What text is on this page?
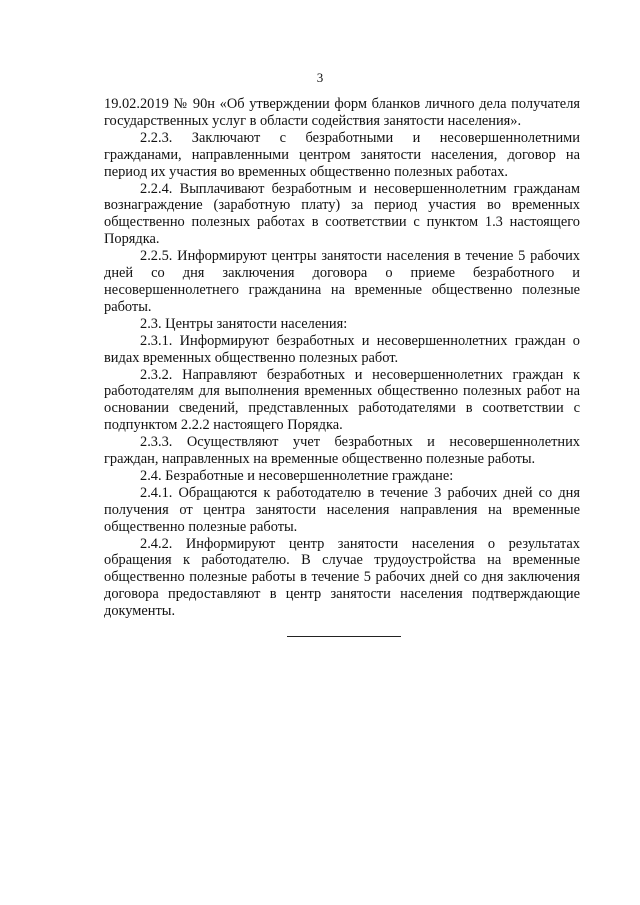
3

19.02.2019 № 90н «Об утверждении форм бланков личного дела получателя государственных услуг в области содействия занятости населения».

2.2.3. Заключают с безработными и несовершеннолетними гражданами, направленными центром занятости населения, договор на период их участия во временных общественно полезных работах.

2.2.4. Выплачивают безработным и несовершеннолетним гражданам вознаграждение (заработную плату) за период участия во временных общественно полезных работах в соответствии с пунктом 1.3 настоящего Порядка.

2.2.5. Информируют центры занятости населения в течение 5 рабочих дней со дня заключения договора о приеме безработного и несовершеннолетнего гражданина на временные общественно полезные работы.

2.3. Центры занятости населения:

2.3.1. Информируют безработных и несовершеннолетних граждан о видах временных общественно полезных работ.

2.3.2. Направляют безработных и несовершеннолетних граждан к работодателям для выполнения временных общественно полезных работ на основании сведений, представленных работодателями в соответствии с подпунктом 2.2.2 настоящего Порядка.

2.3.3. Осуществляют учет безработных и несовершеннолетних граждан, направленных на временные общественно полезные работы.

2.4. Безработные и несовершеннолетние граждане:

2.4.1. Обращаются к работодателю в течение 3 рабочих дней со дня получения от центра занятости населения направления на временные общественно полезные работы.

2.4.2. Информируют центр занятости населения о результатах обращения к работодателю. В случае трудоустройства на временные общественно полезные работы в течение 5 рабочих дней со дня заключения договора предоставляют в центр занятости населения подтверждающие документы.
